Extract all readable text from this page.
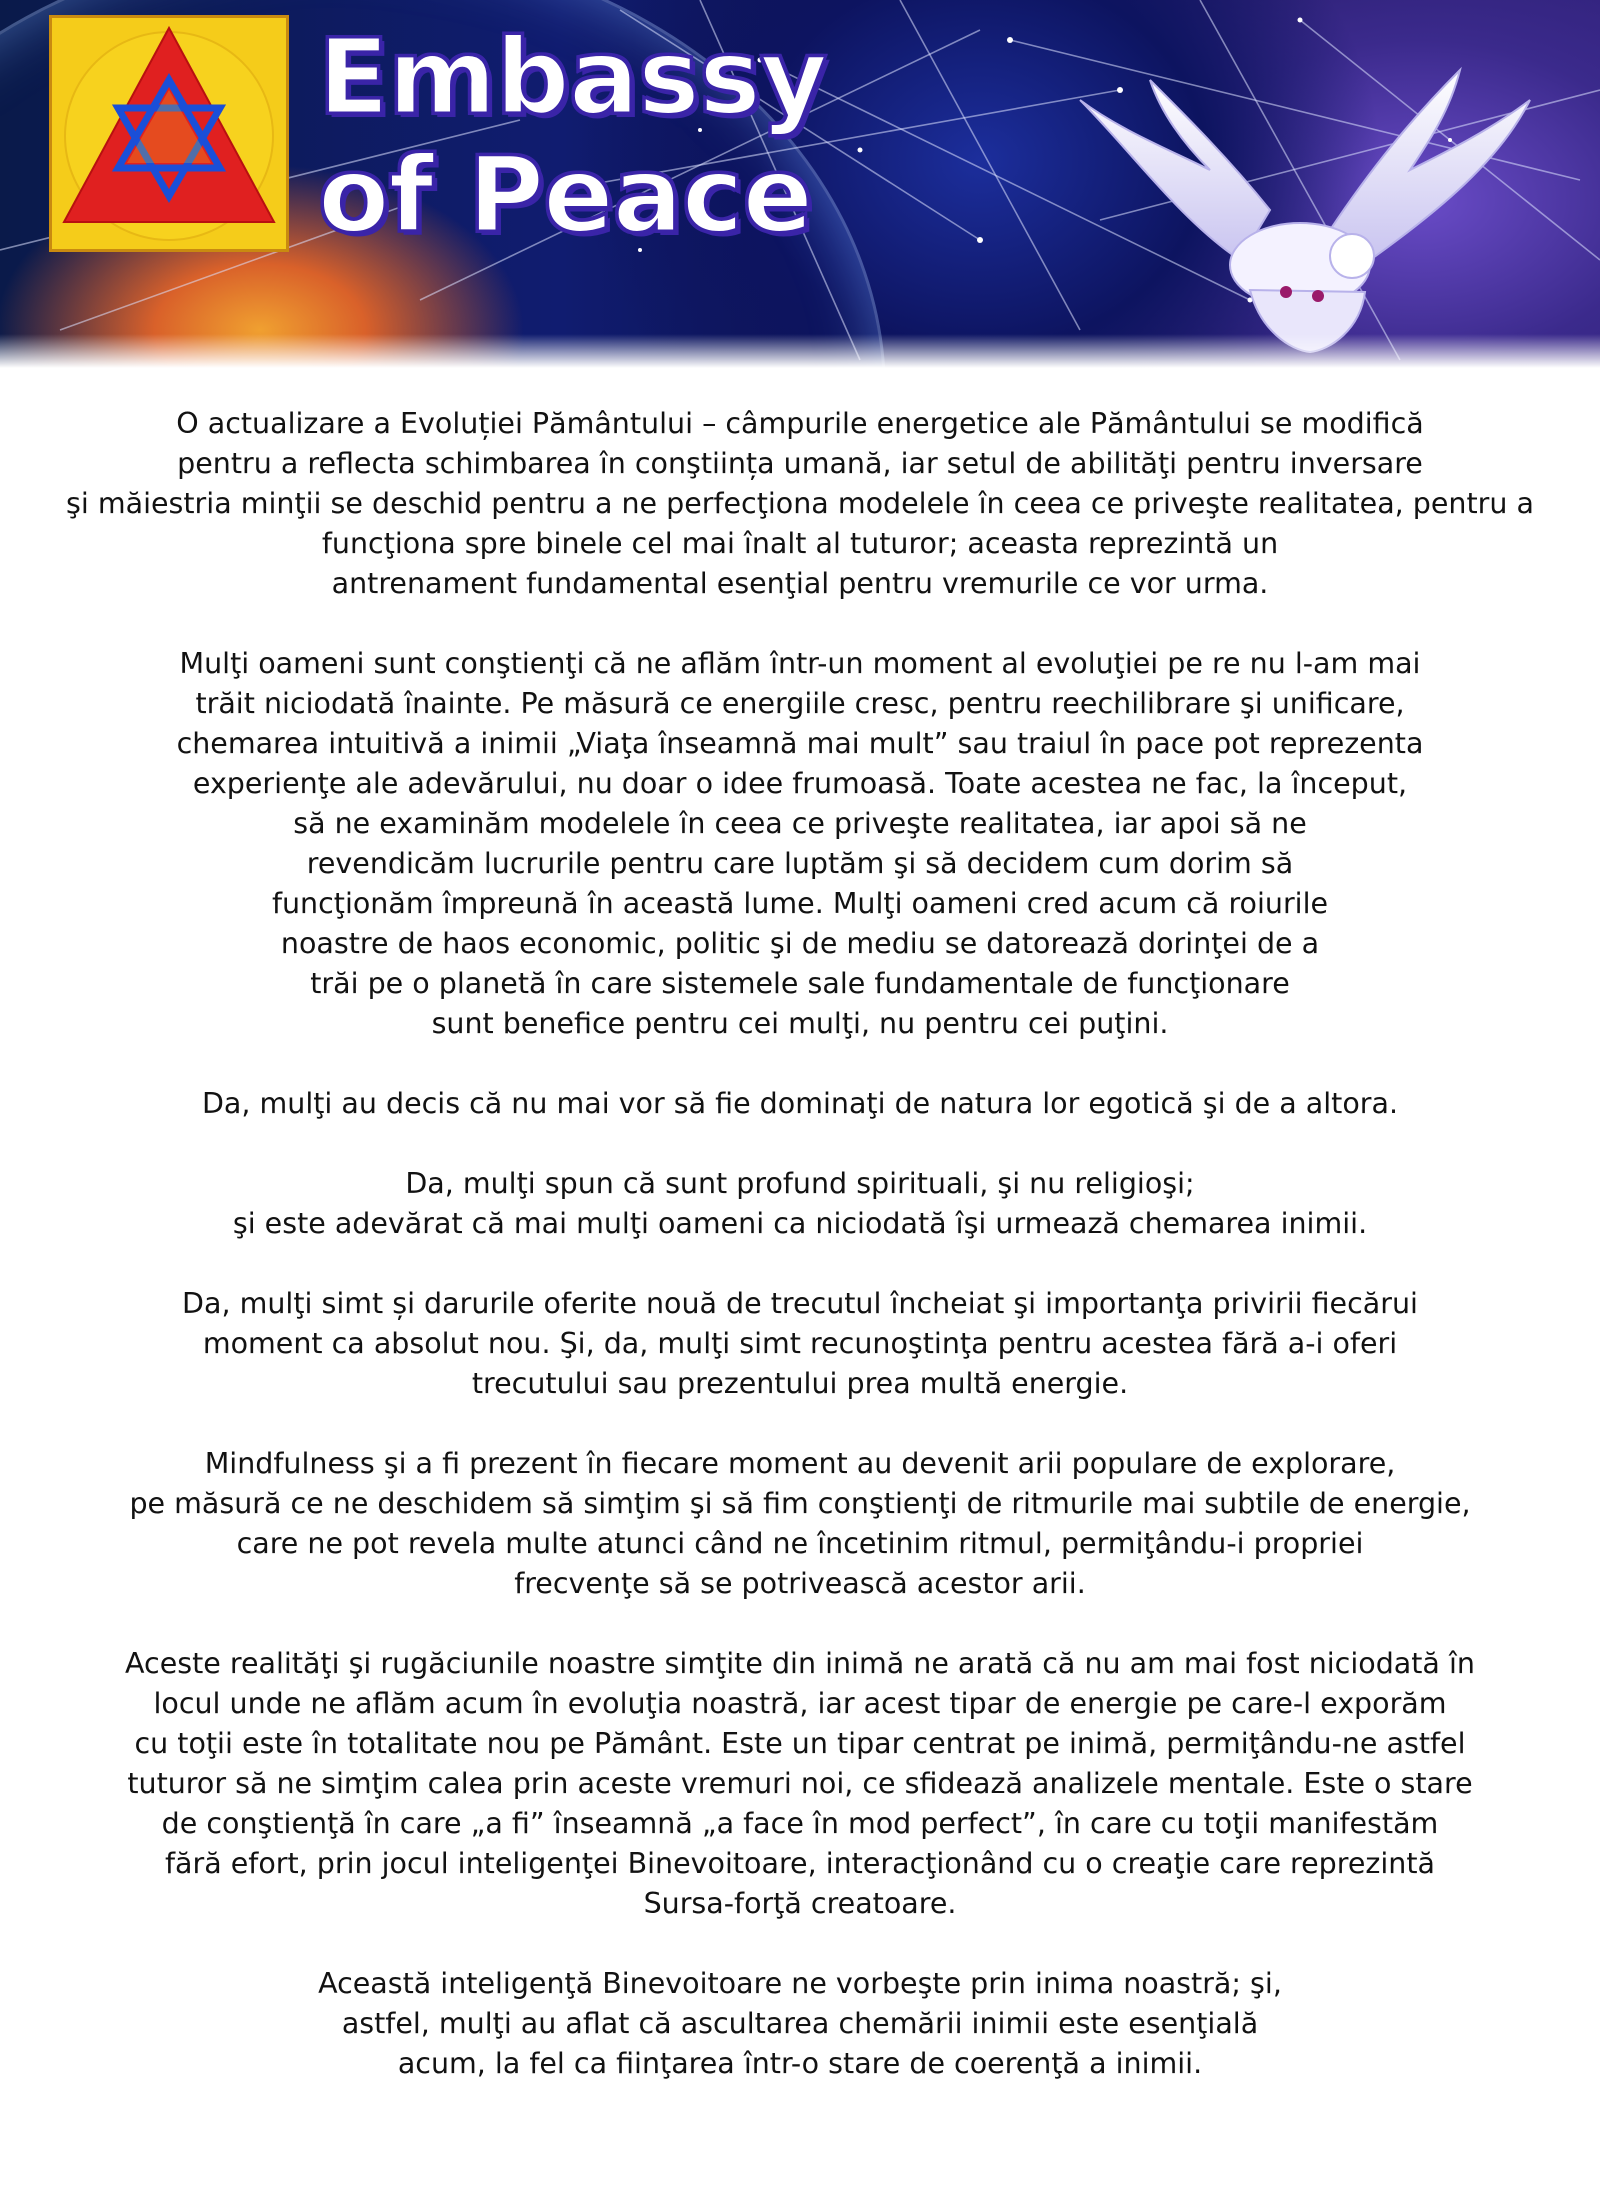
Embassy
of Peace

O actualizare a Evoluției Pământului – câmpurile energetice ale Pământului se modifică
pentru a reflecta schimbarea în conştiința umană, iar setul de abilităţi pentru inversare
şi măiestria minţii se deschid pentru a ne perfecţiona modelele în ceea ce priveşte realitatea, pentru a
funcţiona spre binele cel mai înalt al tuturor; aceasta reprezintă un
antrenament fundamental esenţial pentru vremurile ce vor urma.

Mulţi oameni sunt conştienţi că ne aflăm într-un moment al evoluţiei pe re nu l-am mai
trăit niciodată înainte. Pe măsură ce energiile cresc, pentru reechilibrare şi unificare,
chemarea intuitivă a inimii „Viaţa înseamnă mai mult” sau traiul în pace pot reprezenta
experienţe ale adevărului, nu doar o idee frumoasă. Toate acestea ne fac, la început,
să ne examinăm modelele în ceea ce priveşte realitatea, iar apoi să ne
revendicăm lucrurile pentru care luptăm şi să decidem cum dorim să
funcţionăm împreună în această lume. Mulţi oameni cred acum că roiurile
noastre de haos economic, politic şi de mediu se datorează dorinţei de a
trăi pe o planetă în care sistemele sale fundamentale de funcţionare
sunt benefice pentru cei mulţi, nu pentru cei puţini.

Da, mulţi au decis că nu mai vor să fie dominaţi de natura lor egotică şi de a altora.

Da, mulţi spun că sunt profund spirituali, şi nu religioşi;
şi este adevărat că mai mulţi oameni ca niciodată îşi urmează chemarea inimii.

Da, mulţi simt și darurile oferite nouă de trecutul încheiat şi importanţa privirii fiecărui
moment ca absolut nou. Şi, da, mulţi simt recunoştinţa pentru acestea fără a-i oferi
trecutului sau prezentului prea multă energie.

Mindfulness şi a fi prezent în fiecare moment au devenit arii populare de explorare,
pe măsură ce ne deschidem să simţim şi să fim conştienţi de ritmurile mai subtile de energie,
care ne pot revela multe atunci când ne încetinim ritmul, permiţându-i propriei
frecvenţe să se potrivească acestor arii.

Aceste realităţi şi rugăciunile noastre simţite din inimă ne arată că nu am mai fost niciodată în
locul unde ne aflăm acum în evoluţia noastră, iar acest tipar de energie pe care-l exporăm
cu toţii este în totalitate nou pe Pământ. Este un tipar centrat pe inimă, permiţându-ne astfel
tuturor să ne simţim calea prin aceste vremuri noi, ce sfidează analizele mentale. Este o stare
de conştienţă în care „a fi” înseamnă „a face în mod perfect”, în care cu toţii manifestăm
fără efort, prin jocul inteligenţei Binevoitoare, interacţionând cu o creaţie care reprezintă
Sursa-forţă creatoare.

Această inteligenţă Binevoitoare ne vorbeşte prin inima noastră; şi,
astfel, mulţi au aflat că ascultarea chemării inimii este esenţială
acum, la fel ca fiinţarea într-o stare de coerenţă a inimii.
